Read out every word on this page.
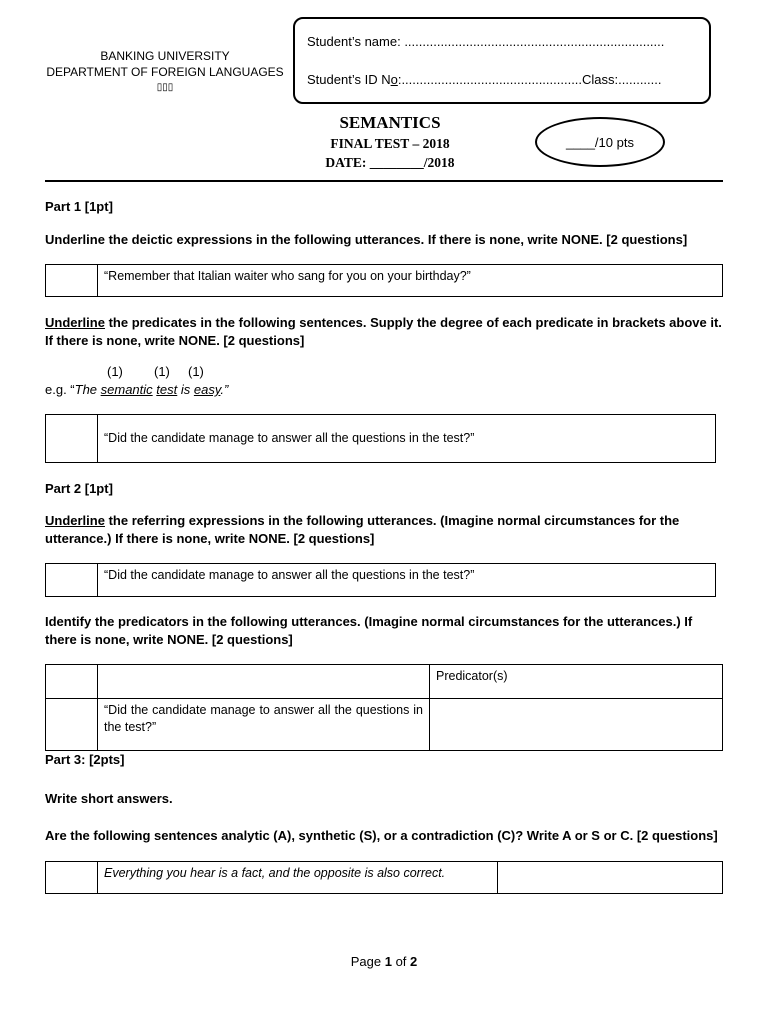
BANKING UNIVERSITY
DEPARTMENT OF FOREIGN LANGUAGES
▯▯▯
Student’s name: ........................................................................
Student’s ID No:..................................................Class:............
SEMANTICS
FINAL TEST – 2018
DATE: ________/2018
____/10 pts
Part 1 [1pt]
Underline the deictic expressions in the following utterances. If there is none, write NONE. [2 questions]
	“Remember that Italian waiter who sang for you on your birthday?”
Underline the predicates in the following sentences. Supply the degree of each predicate in brackets above it. If there is none, write NONE. [2 questions]
(1) (1) (1)
e.g. “The semantic test is easy.”
	“Did the candidate manage to answer all the questions in the test?”
Part 2 [1pt]
Underline the referring expressions in the following utterances. (Imagine normal circumstances for the utterance.) If there is none, write NONE. [2 questions]
	“Did the candidate manage to answer all the questions in the test?”
Identify the predicators in the following utterances. (Imagine normal circumstances for the utterances.) If there is none, write NONE. [2 questions]
		Predicator(s)
	“Did the candidate manage to answer all the questions in the test?”	
Part 3: [2pts]
Write short answers.
Are the following sentences analytic (A), synthetic (S), or a contradiction (C)? Write A or S or C. [2 questions]
	Everything you hear is a fact, and the opposite is also correct.	
Page 1 of 2
